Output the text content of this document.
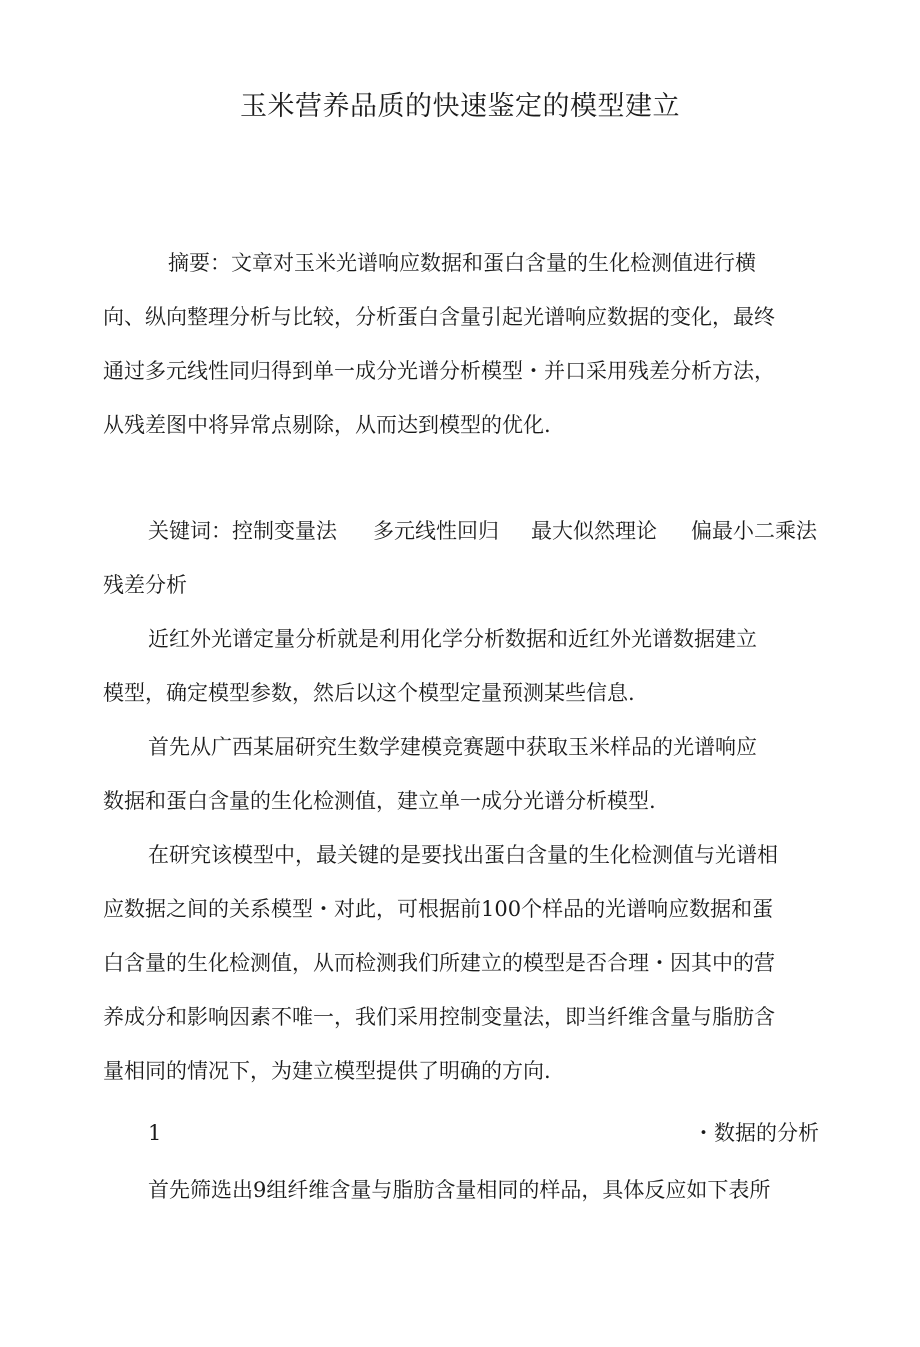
玉米营养品质的快速鉴定的模型建立
摘要：文章对玉米光谱响应数据和蛋白含量的生化检测值进行横
向、纵向整理分析与比较，分析蛋白含量引起光谱响应数据的变化，最终
通过多元线性同归得到单一成分光谱分析模型・并口采用残差分析方法，
从残差图中将异常点剔除，从而达到模型的优化.
关键词：控制变量法 多元线性回归 最大似然理论 偏最小二乘法
残差分析
近红外光谱定量分析就是利用化学分析数据和近红外光谱数据建立
模型，确定模型参数，然后以这个模型定量预测某些信息.
首先从广西某届研究生数学建模竞赛题中获取玉米样品的光谱响应
数据和蛋白含量的生化检测值，建立单一成分光谱分析模型.
在研究该模型中，最关键的是要找出蛋白含量的生化检测值与光谱相
应数据之间的关系模型・对此，可根据前100个样品的光谱响应数据和蛋
白含量的生化检测值，从而检测我们所建立的模型是否合理・因其中的营
养成分和影响因素不唯一，我们采用控制变量法，即当纤维含量与脂肪含
量相同的情况下，为建立模型提供了明确的方向.
1	・数据的分析
首先筛选出9组纤维含量与脂肪含量相同的样品，具体反应如下表所
